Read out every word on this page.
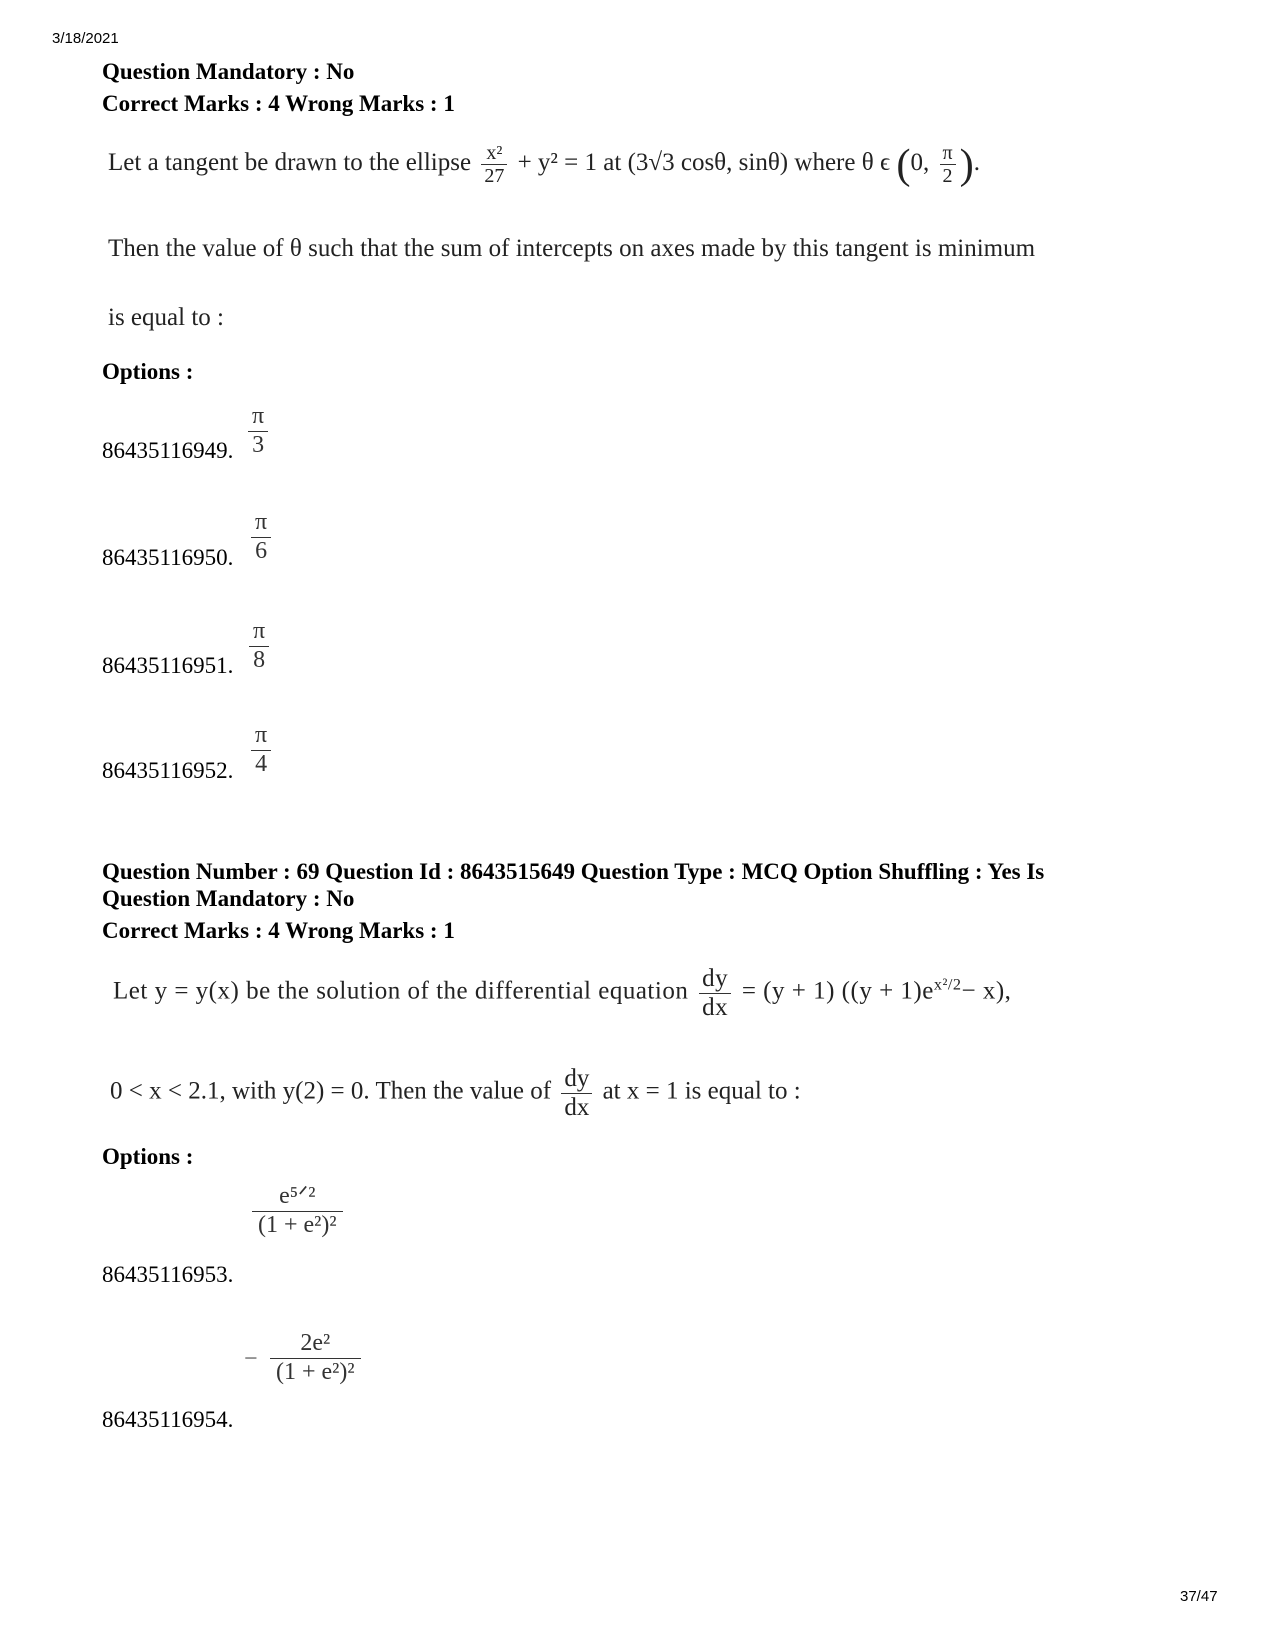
3/18/2021
Question Mandatory : No
Correct Marks : 4 Wrong Marks : 1
Let a tangent be drawn to the ellipse $\frac{\text{x²}}{27} + y^2 = 1$ at (3√3 cosθ, sinθ) where θ ϵ (0, $\frac{\pi}{2}$ ).
Then the value of θ such that the sum of intercepts on axes made by this tangent is minimum
is equal to :
Options :
86435116949. $\frac{\pi}{3}$
86435116950. $\frac{\pi}{6}$
86435116951. $\frac{\pi}{8}$
86435116952. $\frac{\pi}{4}$
Question Number : 69 Question Id : 8643515649 Question Type : MCQ Option Shuffling : Yes Is
Question Mandatory : No
Correct Marks : 4 Wrong Marks : 1
Let y = y(x) be the solution of the differential equation $\frac{dy}{dx} = (y + 1) ((y + 1)e^{x^2/2}- x)$,
0 < x < 2.1, with y(2) = 0. Then the value of $\frac{dy}{dx}$ at x = 1 is equal to :
Options :
86435116953.
e⁵ᐟ²
(1 + e²)²
86435116954.
− $\frac{\text{2e²}}{\text{(1 + e²)²}}$
37/47
